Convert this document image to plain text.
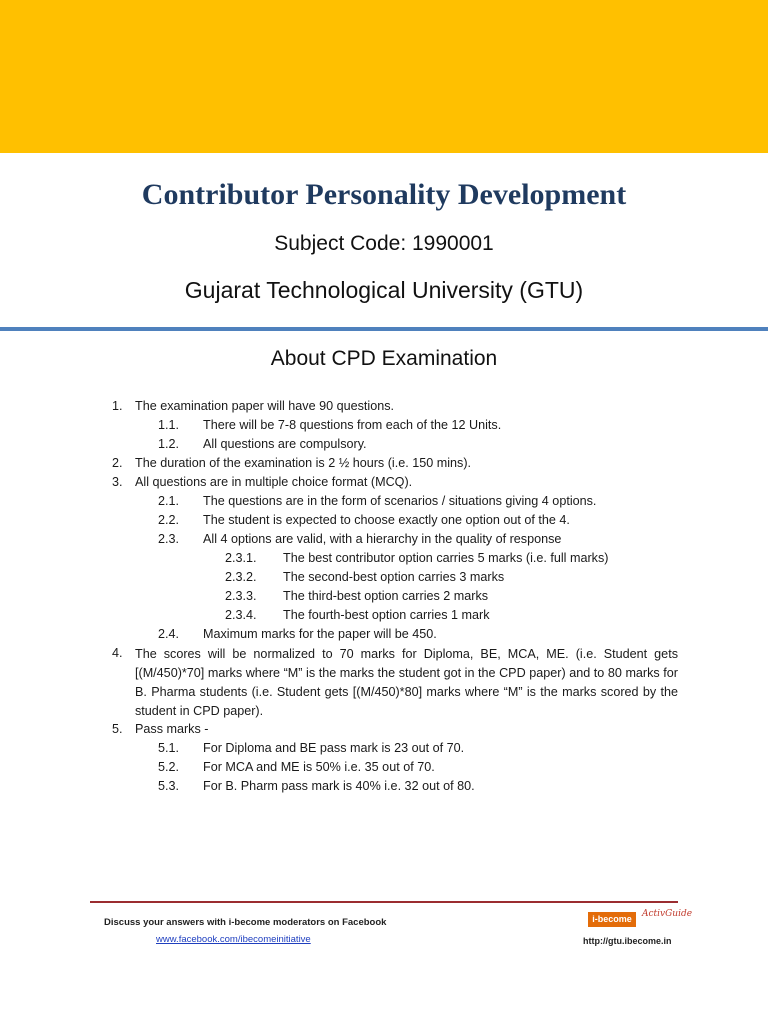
Contributor Personality Development
Subject Code: 1990001
Gujarat Technological University (GTU)
About CPD Examination
1. The examination paper will have 90 questions.
1.1. There will be 7-8 questions from each of the 12 Units.
1.2. All questions are compulsory.
2. The duration of the examination is 2 ½ hours (i.e. 150 mins).
3. All questions are in multiple choice format (MCQ).
2.1. The questions are in the form of scenarios / situations giving 4 options.
2.2. The student is expected to choose exactly one option out of the 4.
2.3. All 4 options are valid, with a hierarchy in the quality of response
2.3.1. The best contributor option carries 5 marks (i.e. full marks)
2.3.2. The second-best option carries 3 marks
2.3.3. The third-best option carries 2 marks
2.3.4. The fourth-best option carries 1 mark
2.4. Maximum marks for the paper will be 450.
4. The scores will be normalized to 70 marks for Diploma, BE, MCA, ME. (i.e. Student gets [(M/450)*70] marks where “M” is the marks the student got in the CPD paper) and to 80 marks for B. Pharma students (i.e. Student gets [(M/450)*80] marks where “M” is the marks scored by the student in CPD paper).
5. Pass marks -
5.1. For Diploma and BE pass mark is 23 out of 70.
5.2. For MCA and ME is 50% i.e. 35 out of 70.
5.3. For B. Pharm pass mark is 40% i.e. 32 out of 80.
Discuss your answers with i-become moderators on Facebook
www.facebook.com/ibecomeinitiative
i-become	ActivGuide
http://gtu.ibecome.in
